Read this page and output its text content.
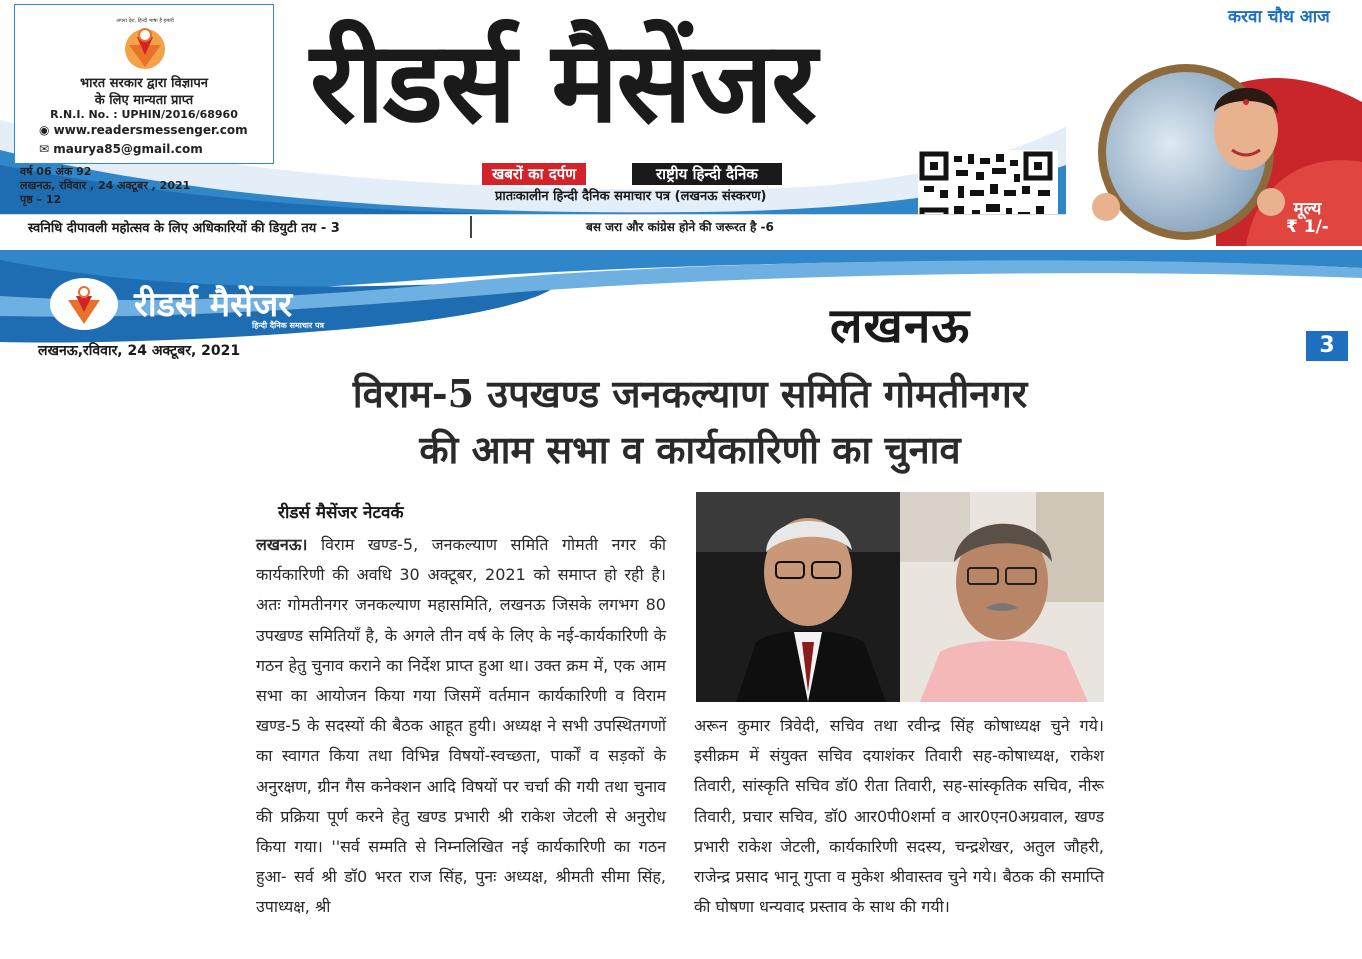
अपना देश, हिन्दी भाषा है हमारी
भारत सरकार द्वारा विज्ञापन
के लिए मान्यता प्राप्त
R.N.I. No. : UPHIN/2016/68960
◉ www.readersmessenger.com
✉ maurya85@gmail.com
वर्ष 06 अंक 92
लखनऊ, रविवार , 24 अक्टूबर , 2021
पृष्ठ – 12
रीडर्स मैसेंजर
खबरों का दर्पण	राष्ट्रीय हिन्दी दैनिक
प्रातःकालीन हिन्दी दैनिक समाचार पत्र (लखनऊ संस्करण)
स्वनिधि दीपावली महोत्सव के लिए अधिकारियों की डियुटी तय - 3	बस जरा और कांग्रेस होने की जरूरत है -6
करवा चौथ आज
मूल्य
₹ 1/-
रीडर्स मैसेंजर
हिन्दी दैनिक समाचार पत्र
लखनऊ,रविवार, 24 अक्टूबर, 2021	लखनऊ	3
विराम-5 उपखण्ड जनकल्याण समिति गोमतीनगर
की आम सभा व कार्यकारिणी का चुनाव
रीडर्स मैसेंजर नेटवर्क
लखनऊ। विराम खण्ड-5, जनकल्याण समिति गोमती नगर की कार्यकारिणी की अवधि 30 अक्टूबर, 2021 को समाप्त हो रही है। अतः गोमतीनगर जनकल्याण महासमिति, लखनऊ जिसके लगभग 80 उपखण्ड समितियाँ है, के अगले तीन वर्ष के लिए के नई-कार्यकारिणी के गठन हेतु चुनाव कराने का निर्देश प्राप्त हुआ था। उक्त क्रम में, एक आम सभा का आयोजन किया गया जिसमें वर्तमान कार्यकारिणी व विराम खण्ड-5 के सदस्यों की बैठक आहूत हुयी। अध्यक्ष ने सभी उपस्थितगणों का स्वागत किया तथा विभिन्न विषयों-स्वच्छता, पार्कों व सड़कों के अनुरक्षण, ग्रीन गैस कनेक्शन आदि विषयों पर चर्चा की गयी तथा चुनाव की प्रक्रिया पूर्ण करने हेतु खण्ड प्रभारी श्री राकेश जेटली से अनुरोध किया गया। ''सर्व सम्मति से निम्नलिखित नई कार्यकारिणी का गठन हुआ- सर्व श्री डॉ0 भरत राज सिंह, पुनः अध्यक्ष, श्रीमती सीमा सिंह, उपाध्यक्ष, श्री
अरून कुमार त्रिवेदी, सचिव तथा रवीन्द्र सिंह कोषाध्यक्ष चुने गये। इसीक्रम में संयुक्त सचिव दयाशंकर तिवारी सह-कोषाध्यक्ष, राकेश तिवारी, सांस्कृति सचिव डॉ0 रीता तिवारी, सह-सांस्कृतिक सचिव, नीरू तिवारी, प्रचार सचिव, डॉ0 आर0पी0शर्मा व आर0एन0अग्रवाल, खण्ड प्रभारी राकेश जेटली, कार्यकारिणी सदस्य, चन्द्रशेखर, अतुल जौहरी, राजेन्द्र प्रसाद भानू गुप्ता व मुकेश श्रीवास्तव चुने गये। बैठक की समाप्ति की घोषणा धन्यवाद प्रस्ताव के साथ की गयी।
